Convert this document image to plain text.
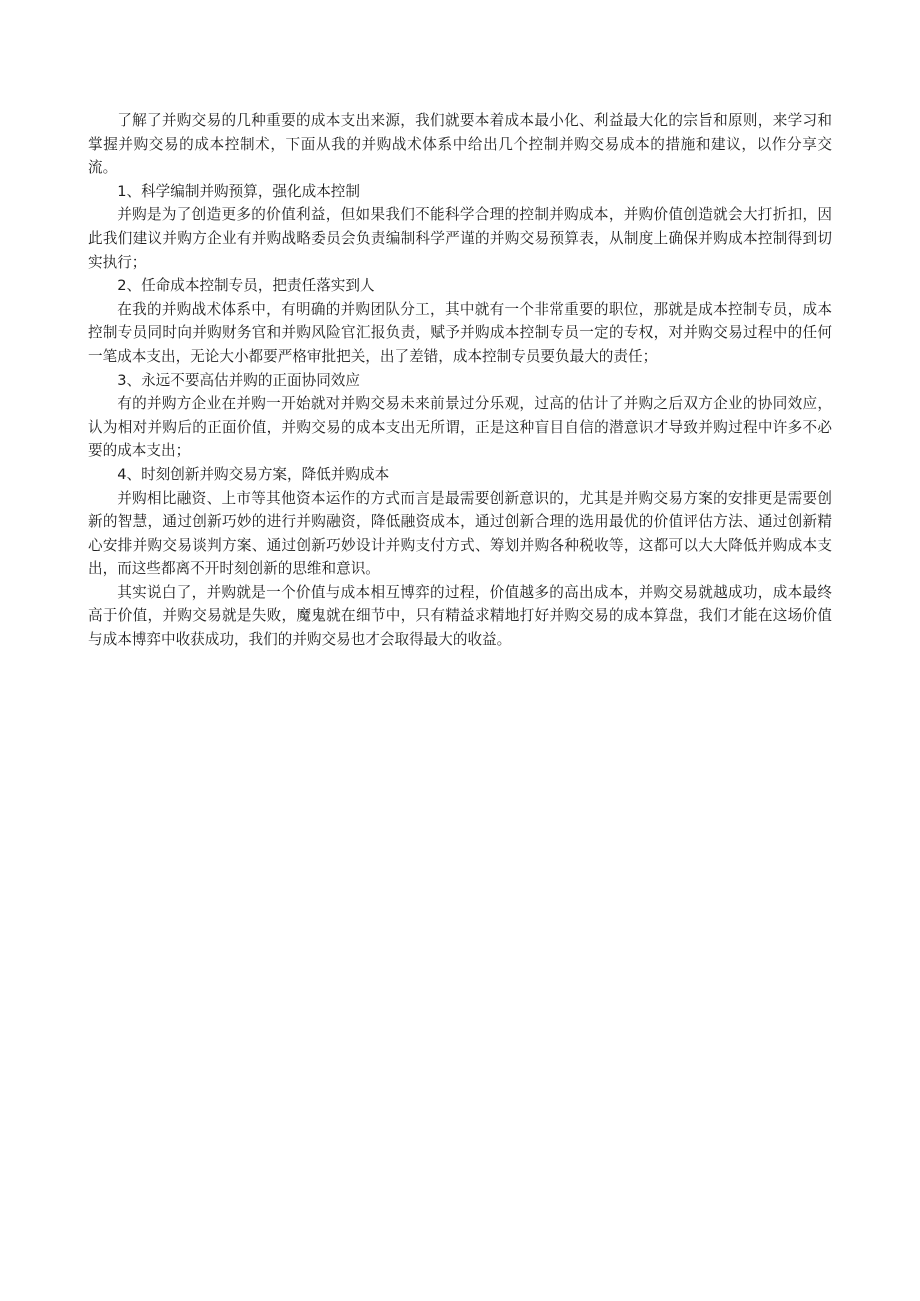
了解了并购交易的几种重要的成本支出来源，我们就要本着成本最小化、利益最大化的宗旨和原则，来学习和掌握并购交易的成本控制术，下面从我的并购战术体系中给出几个控制并购交易成本的措施和建议，以作分享交流。

1、科学编制并购预算，强化成本控制

并购是为了创造更多的价值利益，但如果我们不能科学合理的控制并购成本，并购价值创造就会大打折扣，因此我们建议并购方企业有并购战略委员会负责编制科学严谨的并购交易预算表，从制度上确保并购成本控制得到切实执行；

2、任命成本控制专员，把责任落实到人

在我的并购战术体系中，有明确的并购团队分工，其中就有一个非常重要的职位，那就是成本控制专员，成本控制专员同时向并购财务官和并购风险官汇报负责，赋予并购成本控制专员一定的专权，对并购交易过程中的任何一笔成本支出，无论大小都要严格审批把关，出了差错，成本控制专员要负最大的责任；

3、永远不要高估并购的正面协同效应

有的并购方企业在并购一开始就对并购交易未来前景过分乐观，过高的估计了并购之后双方企业的协同效应，认为相对并购后的正面价值，并购交易的成本支出无所谓，正是这种盲目自信的潜意识才导致并购过程中许多不必要的成本支出；

4、时刻创新并购交易方案，降低并购成本

并购相比融资、上市等其他资本运作的方式而言是最需要创新意识的，尤其是并购交易方案的安排更是需要创新的智慧，通过创新巧妙的进行并购融资，降低融资成本，通过创新合理的选用最优的价值评估方法、通过创新精心安排并购交易谈判方案、通过创新巧妙设计并购支付方式、筹划并购各种税收等，这都可以大大降低并购成本支出，而这些都离不开时刻创新的思维和意识。

其实说白了，并购就是一个价值与成本相互博弈的过程，价值越多的高出成本，并购交易就越成功，成本最终高于价值，并购交易就是失败，魔鬼就在细节中，只有精益求精地打好并购交易的成本算盘，我们才能在这场价值与成本博弈中收获成功，我们的并购交易也才会取得最大的收益。
